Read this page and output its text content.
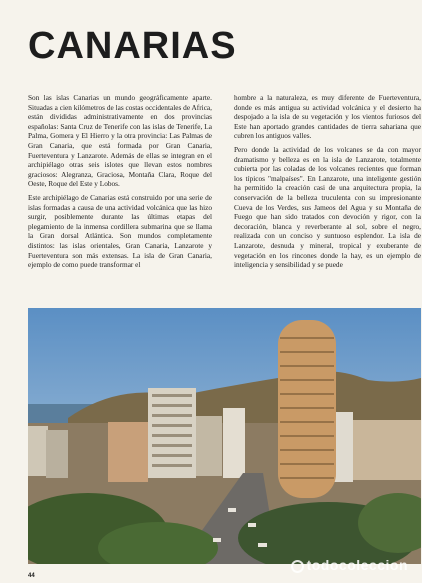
CANARIAS

Son las islas Canarias un mundo geográficamente aparte. Situadas a cien kilómetros de las costas occidentales de Africa, están divididas administrativamente en dos provincias españolas: Santa Cruz de Tenerife con las islas de Tenerife, La Palma, Gomera y El Hierro y la otra provincia: Las Palmas de Gran Canaria, que está formada por Gran Canaria, Fuerteventura y Lanzarote. Además de ellas se integran en el archipiélago otras seis islotes que llevan estos nombres graciosos: Alegranza, Graciosa, Montaña Clara, Roque del Oeste, Roque del Este y Lobos.

Este archipiélago de Canarias está construido por una serie de islas formadas a causa de una actividad volcánica que las hizo surgir, posiblemente durante las últimas etapas del plegamiento de la inmensa cordillera submarina que se llama la Gran dorsal Atlántica. Son mundos completamente distintos: las islas orientales, Gran Canaria, Lanzarote y Fuerteventura son más extensas. La isla de Gran Canaria, ejemplo de como puede transformar el

hombre a la naturaleza, es muy diferente de Fuerteventura, donde es más antigua su actividad volcánica y el desierto ha despojado a la isla de su vegetación y los vientos furiosos del Este han aportado grandes cantidades de tierra sahariana que cubren los antiguos valles.

Pero donde la actividad de los volcanes se da con mayor dramatismo y belleza es en la isla de Lanzarote, totalmente cubierta por las coladas de los volcanes recientes que forman los típicos "malpaíses". En Lanzarote, una inteligente gestión ha permitido la creación casi de una arquitectura propia, la conservación de la belleza truculenta con su impresionante Cueva de los Verdes, sus Jameos del Agua y su Montaña de Fuego que han sido tratados con devoción y rigor, con la decoración, blanca y reverberante al sol, sobre el negro, realizada con un conciso y suntuoso esplendor. La isla de Lanzarote, desnuda y mineral, tropical y exuberante de vegetación en los rincones donde la hay, es un ejemplo de inteligencia y sensibilidad y se puede

44
todocoleccion
